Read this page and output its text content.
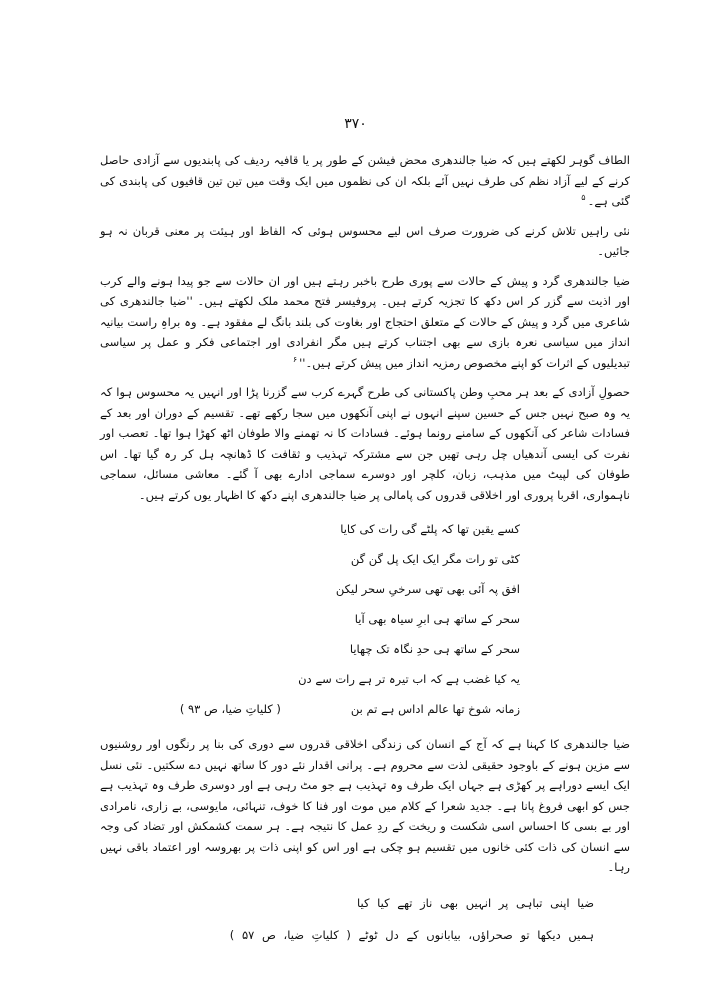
۳۷۰

الطاف گوہر لکھتے ہیں کہ ضیا جالندھری محض فیشن کے طور پر یا قافیہ ردیف کی پابندیوں سے آزادی حاصل کرنے کے لیے آزاد نظم کی طرف نہیں آئے بلکہ ان کی نظموں میں ایک وقت میں تین تین قافیوں کی پابندی کی گئی ہے۔$^۵$

نئی راہیں تلاش کرنے کی ضرورت صرف اس لیے محسوس ہوئی کہ الفاظ اور ہیئت پر معنی قربان نہ ہو جائیں۔

ضیا جالندھری گرد و پیش کے حالات سے پوری طرح باخبر رہتے ہیں اور ان حالات سے جو پیدا ہونے والے کرب اور اذیت سے گزر کر اس دکھ کا تجزیہ کرتے ہیں۔ پروفیسر فتح محمد ملک لکھتے ہیں۔ ''ضیا جالندھری کی شاعری میں گرد و پیش کے حالات کے متعلق احتجاج اور بغاوت کی بلند بانگ لے مفقود ہے۔ وہ براہِ راست بیانیہ انداز میں سیاسی نعرہ بازی سے بھی اجتناب کرتے ہیں مگر انفرادی اور اجتماعی فکر و عمل پر سیاسی تبدیلیوں کے اثرات کو اپنے مخصوص رمزیہ انداز میں پیش کرتے ہیں۔''$^۶$

حصولِ آزادی کے بعد ہر محبِ وطن پاکستانی کی طرح گہرے کرب سے گزرنا پڑا اور انہیں یہ محسوس ہوا کہ یہ وہ صبح نہیں جس کے حسین سپنے انہوں نے اپنی آنکھوں میں سجا رکھے تھے۔ تقسیم کے دوران اور بعد کے فسادات شاعر کی آنکھوں کے سامنے رونما ہوئے۔ فسادات کا نہ تھمنے والا طوفان اٹھ کھڑا ہوا تھا۔ تعصب اور نفرت کی ایسی آندھیاں چل رہی تھیں جن سے مشترکہ تہذیب و ثقافت کا ڈھانچہ ہل کر رہ گیا تھا۔ اس طوفان کی لپیٹ میں مذہب، زبان، کلچر اور دوسرے سماجی ادارے بھی آ گئے۔ معاشی مسائل، سماجی ناہمواری، اقربا پروری اور اخلاقی قدروں کی پامالی پر ضیا جالندھری اپنے دکھ کا اظہار یوں کرتے ہیں۔

کسے یقین تھا کہ پلٹے گی رات کی کایا
کٹی تو رات مگر ایک ایک پل گن گن
افق پہ آئی بھی تھی سرخیِ سحر لیکن
سحر کے ساتھ ہی ابرِ سیاہ بھی آیا
سحر کے ساتھ ہی حدِ نگاہ تک چھایا
یہ کیا غضب ہے کہ اب تیرہ تر ہے رات سے دن
زمانہ شوخ تھا عالم اداس ہے تم بن( کلیاتِ ضیا، ص ۹۳ )

ضیا جالندھری کا کہنا ہے کہ آج کے انسان کی زندگی اخلاقی قدروں سے دوری کی بنا پر رنگوں اور روشنیوں سے مزین ہونے کے باوجود حقیقی لذت سے محروم ہے۔ پرانی اقدار نئے دور کا ساتھ نہیں دے سکتیں۔ نئی نسل ایک ایسے دوراہے پر کھڑی ہے جہاں ایک طرف وہ تہذیب ہے جو مٹ رہی ہے اور دوسری طرف وہ تہذیب ہے جس کو ابھی فروغ پانا ہے۔ جدید شعرا کے کلام میں موت اور فنا کا خوف، تنہائی، مایوسی، بے زاری، نامرادی اور بے بسی کا احساس اسی شکست و ریخت کے ردِ عمل کا نتیجہ ہے۔ ہر سمت کشمکش اور تضاد کی وجہ سے انسان کی ذات کئی خانوں میں تقسیم ہو چکی ہے اور اس کو اپنی ذات پر بھروسہ اور اعتماد باقی نہیں رہا۔

ضیا اپنی تباہی پر انہیں بھی ناز تھے کیا کیا
ہمیں دیکھا تو صحراؤں، بیابانوں کے دل ٹوٹے ( کلیاتِ ضیا، ص ۵۷ )
